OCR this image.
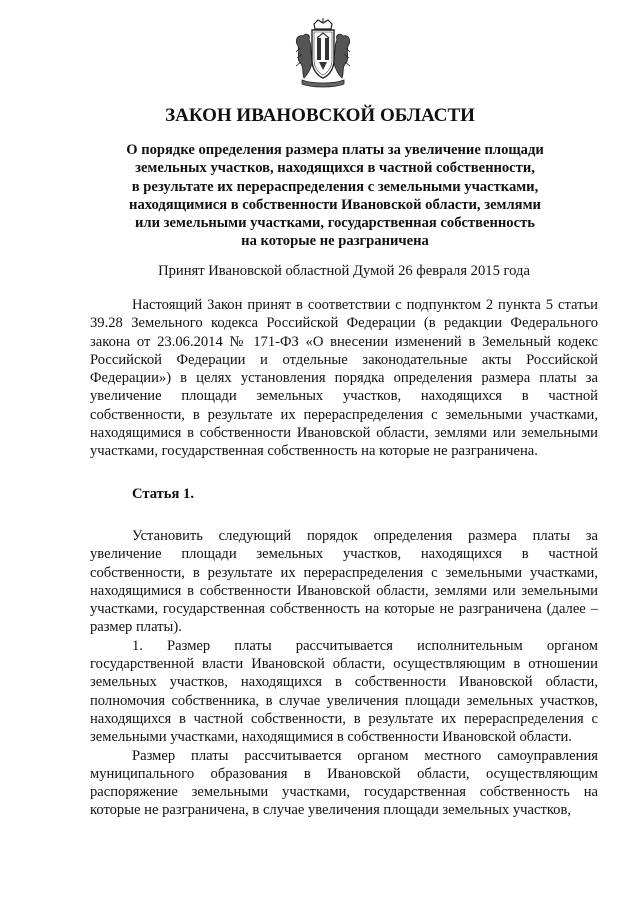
ЗАКОН ИВАНОВСКОЙ ОБЛАСТИ
О порядке определения размера платы за увеличение площади
земельных участков, находящихся в частной собственности,
в результате их перераспределения с земельными участками,
находящимися в собственности Ивановской области, землями
или земельными участками, государственная собственность
на которые не разграничена

Принят Ивановской областной Думой 26 февраля 2015 года

Настоящий Закон принят в соответствии с подпунктом 2 пункта 5 статьи 39.28 Земельного кодекса Российской Федерации (в редакции Федерального закона от 23.06.2014 № 171-ФЗ «О внесении изменений в Земельный кодекс Российской Федерации и отдельные законодательные акты Российской Федерации») в целях установления порядка определения размера платы за увеличение площади земельных участков, находящихся в частной собственности, в результате их перераспределения с земельными участками, находящимися в собственности Ивановской области, землями или земельными участками, государственная собственность на которые не разграничена.

Статья 1.

Установить следующий порядок определения размера платы за увеличение площади земельных участков, находящихся в частной собственности, в результате их перераспределения с земельными участками, находящимися в собственности Ивановской области, землями или земельными участками, государственная собственность на которые не разграничена (далее – размер платы).

1. Размер платы рассчитывается исполнительным органом государственной власти Ивановской области, осуществляющим в отношении земельных участков, находящихся в собственности Ивановской области, полномочия собственника, в случае увеличения площади земельных участков, находящихся в частной собственности, в результате их перераспределения с земельными участками, находящимися в собственности Ивановской области.

Размер платы рассчитывается органом местного самоуправления муниципального образования в Ивановской области, осуществляющим распоряжение земельными участками, государственная собственность на которые не разграничена, в случае увеличения площади земельных участков,
